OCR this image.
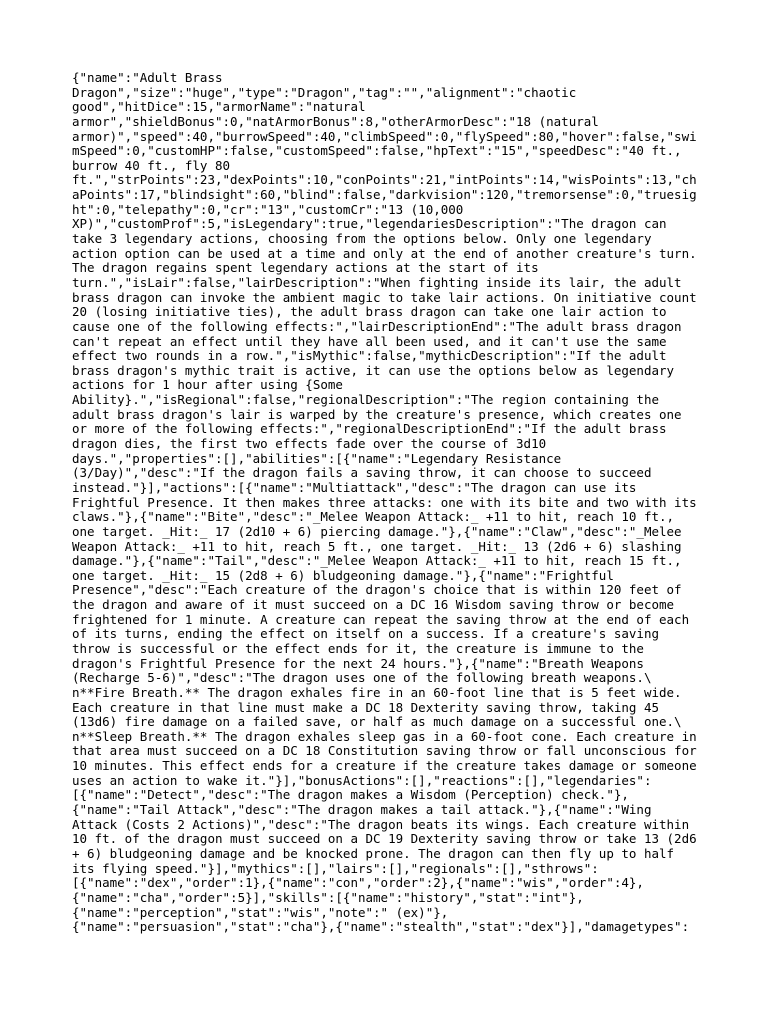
{"name":"Adult Brass
Dragon","size":"huge","type":"Dragon","tag":"","alignment":"chaotic
good","hitDice":15,"armorName":"natural
armor","shieldBonus":0,"natArmorBonus":8,"otherArmorDesc":"18 (natural
armor)","speed":40,"burrowSpeed":40,"climbSpeed":0,"flySpeed":80,"hover":false,"swi
mSpeed":0,"customHP":false,"customSpeed":false,"hpText":"15","speedDesc":"40 ft.,
burrow 40 ft., fly 80
ft.","strPoints":23,"dexPoints":10,"conPoints":21,"intPoints":14,"wisPoints":13,"ch
aPoints":17,"blindsight":60,"blind":false,"darkvision":120,"tremorsense":0,"truesig
ht":0,"telepathy":0,"cr":"13","customCr":"13 (10,000
XP)","customProf":5,"isLegendary":true,"legendariesDescription":"The dragon can
take 3 legendary actions, choosing from the options below. Only one legendary
action option can be used at a time and only at the end of another creature's turn.
The dragon regains spent legendary actions at the start of its
turn.","isLair":false,"lairDescription":"When fighting inside its lair, the adult
brass dragon can invoke the ambient magic to take lair actions. On initiative count
20 (losing initiative ties), the adult brass dragon can take one lair action to
cause one of the following effects:","lairDescriptionEnd":"The adult brass dragon
can't repeat an effect until they have all been used, and it can't use the same
effect two rounds in a row.","isMythic":false,"mythicDescription":"If the adult
brass dragon's mythic trait is active, it can use the options below as legendary
actions for 1 hour after using {Some
Ability}.","isRegional":false,"regionalDescription":"The region containing the
adult brass dragon's lair is warped by the creature's presence, which creates one
or more of the following effects:","regionalDescriptionEnd":"If the adult brass
dragon dies, the first two effects fade over the course of 3d10
days.","properties":[],"abilities":[{"name":"Legendary Resistance
(3/Day)","desc":"If the dragon fails a saving throw, it can choose to succeed
instead."}],"actions":[{"name":"Multiattack","desc":"The dragon can use its
Frightful Presence. It then makes three attacks: one with its bite and two with its
claws."},{"name":"Bite","desc":"_Melee Weapon Attack:_ +11 to hit, reach 10 ft.,
one target. _Hit:_ 17 (2d10 + 6) piercing damage."},{"name":"Claw","desc":"_Melee
Weapon Attack:_ +11 to hit, reach 5 ft., one target. _Hit:_ 13 (2d6 + 6) slashing
damage."},{"name":"Tail","desc":"_Melee Weapon Attack:_ +11 to hit, reach 15 ft.,
one target. _Hit:_ 15 (2d8 + 6) bludgeoning damage."},{"name":"Frightful
Presence","desc":"Each creature of the dragon's choice that is within 120 feet of
the dragon and aware of it must succeed on a DC 16 Wisdom saving throw or become
frightened for 1 minute. A creature can repeat the saving throw at the end of each
of its turns, ending the effect on itself on a success. If a creature's saving
throw is successful or the effect ends for it, the creature is immune to the
dragon's Frightful Presence for the next 24 hours."},{"name":"Breath Weapons
(Recharge 5-6)","desc":"The dragon uses one of the following breath weapons.\
n**Fire Breath.** The dragon exhales fire in an 60-foot line that is 5 feet wide.
Each creature in that line must make a DC 18 Dexterity saving throw, taking 45
(13d6) fire damage on a failed save, or half as much damage on a successful one.\
n**Sleep Breath.** The dragon exhales sleep gas in a 60-foot cone. Each creature in
that area must succeed on a DC 18 Constitution saving throw or fall unconscious for
10 minutes. This effect ends for a creature if the creature takes damage or someone
uses an action to wake it."}],"bonusActions":[],"reactions":[],"legendaries":
[{"name":"Detect","desc":"The dragon makes a Wisdom (Perception) check."},
{"name":"Tail Attack","desc":"The dragon makes a tail attack."},{"name":"Wing
Attack (Costs 2 Actions)","desc":"The dragon beats its wings. Each creature within
10 ft. of the dragon must succeed on a DC 19 Dexterity saving throw or take 13 (2d6
+ 6) bludgeoning damage and be knocked prone. The dragon can then fly up to half
its flying speed."}],"mythics":[],"lairs":[],"regionals":[],"sthrows":
[{"name":"dex","order":1},{"name":"con","order":2},{"name":"wis","order":4},
{"name":"cha","order":5}],"skills":[{"name":"history","stat":"int"},
{"name":"perception","stat":"wis","note":" (ex)"},
{"name":"persuasion","stat":"cha"},{"name":"stealth","stat":"dex"}],"damagetypes":
